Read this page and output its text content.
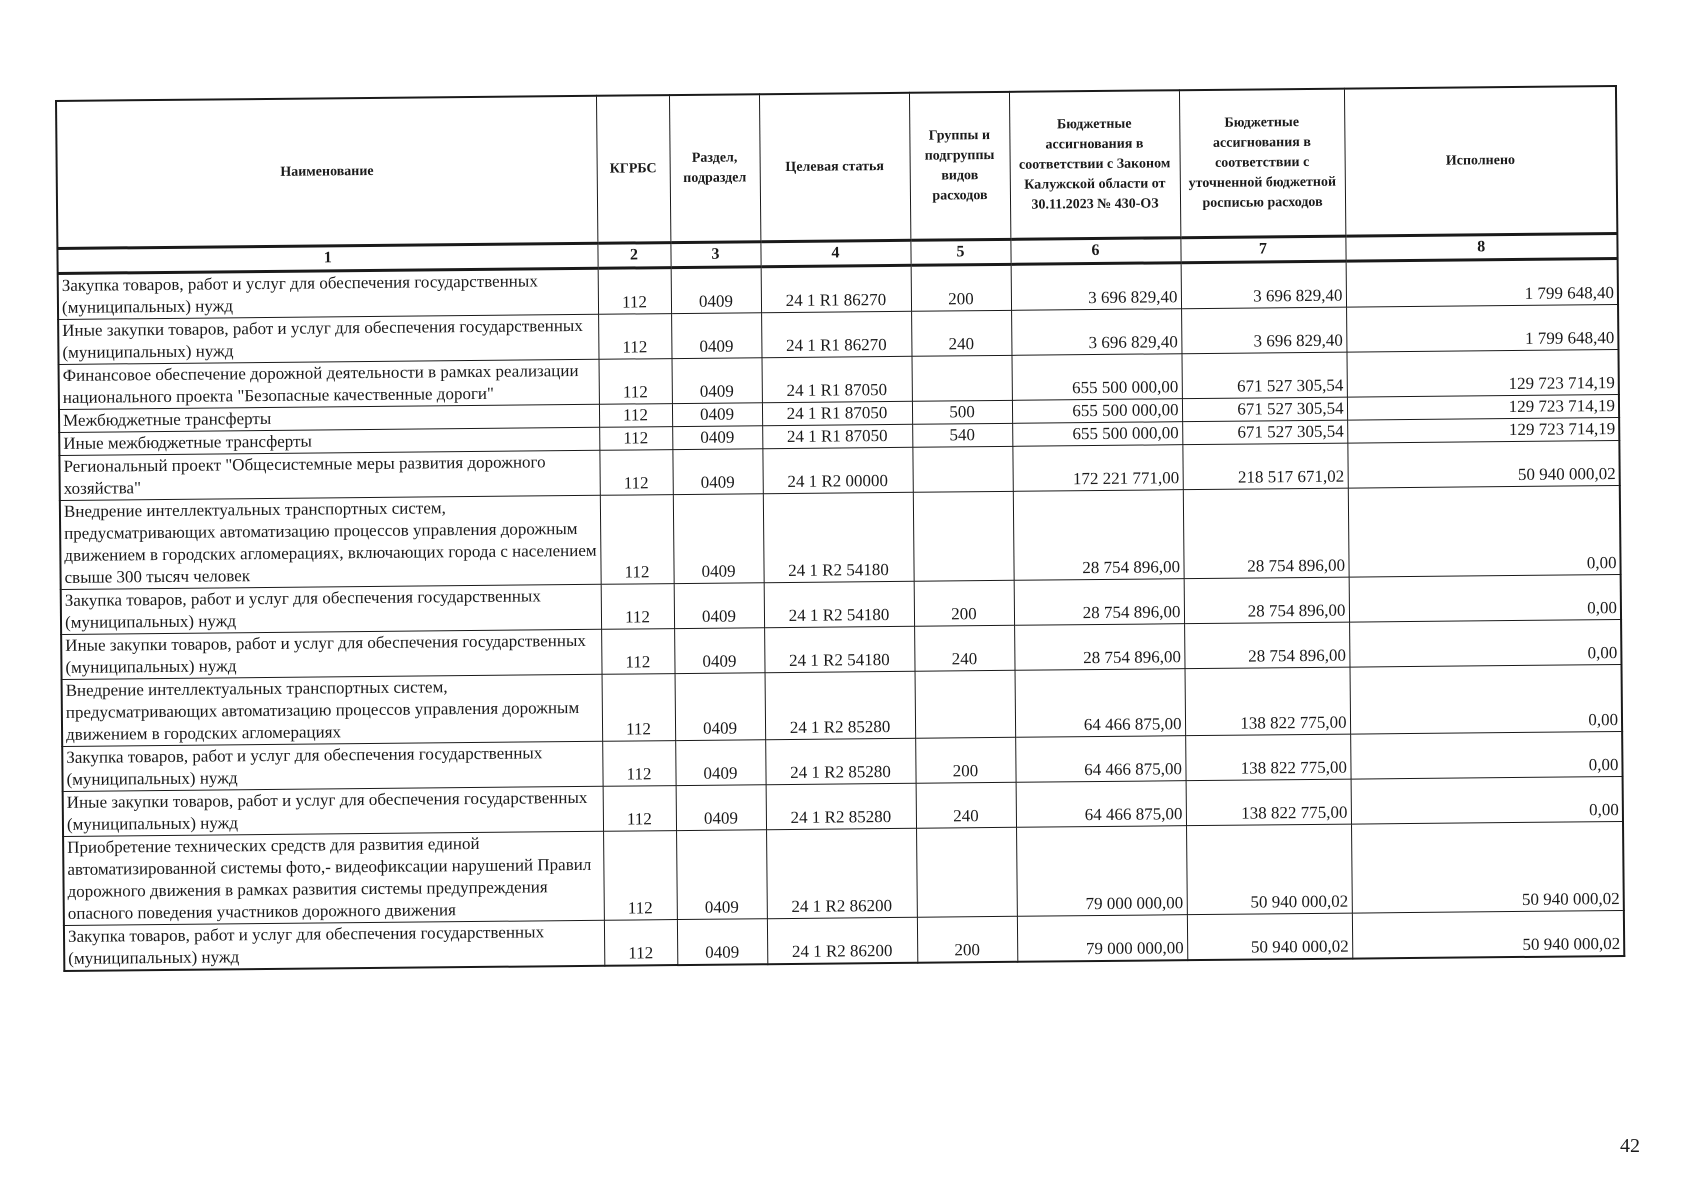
Наименование	КГРБС	Раздел, подраздел	Целевая статья	Группы и подгруппы видов расходов	Бюджетные ассигнования в соответствии с Законом Калужской области от 30.11.2023 № 430-ОЗ	Бюджетные ассигнования в соответствии с уточненной бюджетной росписью расходов	Исполнено
1	2	3	4	5	6	7	8
Закупка товаров, работ и услуг для обеспечения государственных (муниципальных) нужд	112	0409	24 1 R1 86270	200	3 696 829,40	3 696 829,40	1 799 648,40
Иные закупки товаров, работ и услуг для обеспечения государственных (муниципальных) нужд	112	0409	24 1 R1 86270	240	3 696 829,40	3 696 829,40	1 799 648,40
Финансовое обеспечение дорожной деятельности в рамках реализации национального проекта "Безопасные качественные дороги"	112	0409	24 1 R1 87050		655 500 000,00	671 527 305,54	129 723 714,19
Межбюджетные трансферты	112	0409	24 1 R1 87050	500	655 500 000,00	671 527 305,54	129 723 714,19
Иные межбюджетные трансферты	112	0409	24 1 R1 87050	540	655 500 000,00	671 527 305,54	129 723 714,19
Региональный проект "Общесистемные меры развития дорожного хозяйства"	112	0409	24 1 R2 00000		172 221 771,00	218 517 671,02	50 940 000,02
Внедрение интеллектуальных транспортных систем, предусматривающих автоматизацию процессов управления дорожным движением в городских агломерациях, включающих города с населением свыше 300 тысяч человек	112	0409	24 1 R2 54180		28 754 896,00	28 754 896,00	0,00
Закупка товаров, работ и услуг для обеспечения государственных (муниципальных) нужд	112	0409	24 1 R2 54180	200	28 754 896,00	28 754 896,00	0,00
Иные закупки товаров, работ и услуг для обеспечения государственных (муниципальных) нужд	112	0409	24 1 R2 54180	240	28 754 896,00	28 754 896,00	0,00
Внедрение интеллектуальных транспортных систем, предусматривающих автоматизацию процессов управления дорожным движением в городских агломерациях	112	0409	24 1 R2 85280		64 466 875,00	138 822 775,00	0,00
Закупка товаров, работ и услуг для обеспечения государственных (муниципальных) нужд	112	0409	24 1 R2 85280	200	64 466 875,00	138 822 775,00	0,00
Иные закупки товаров, работ и услуг для обеспечения государственных (муниципальных) нужд	112	0409	24 1 R2 85280	240	64 466 875,00	138 822 775,00	0,00
Приобретение технических средств для развития единой автоматизированной системы фото,- видеофиксации нарушений Правил дорожного движения в рамках развития системы предупреждения опасного поведения участников дорожного движения	112	0409	24 1 R2 86200		79 000 000,00	50 940 000,02	50 940 000,02
Закупка товаров, работ и услуг для обеспечения государственных (муниципальных) нужд	112	0409	24 1 R2 86200	200	79 000 000,00	50 940 000,02	50 940 000,02
42
